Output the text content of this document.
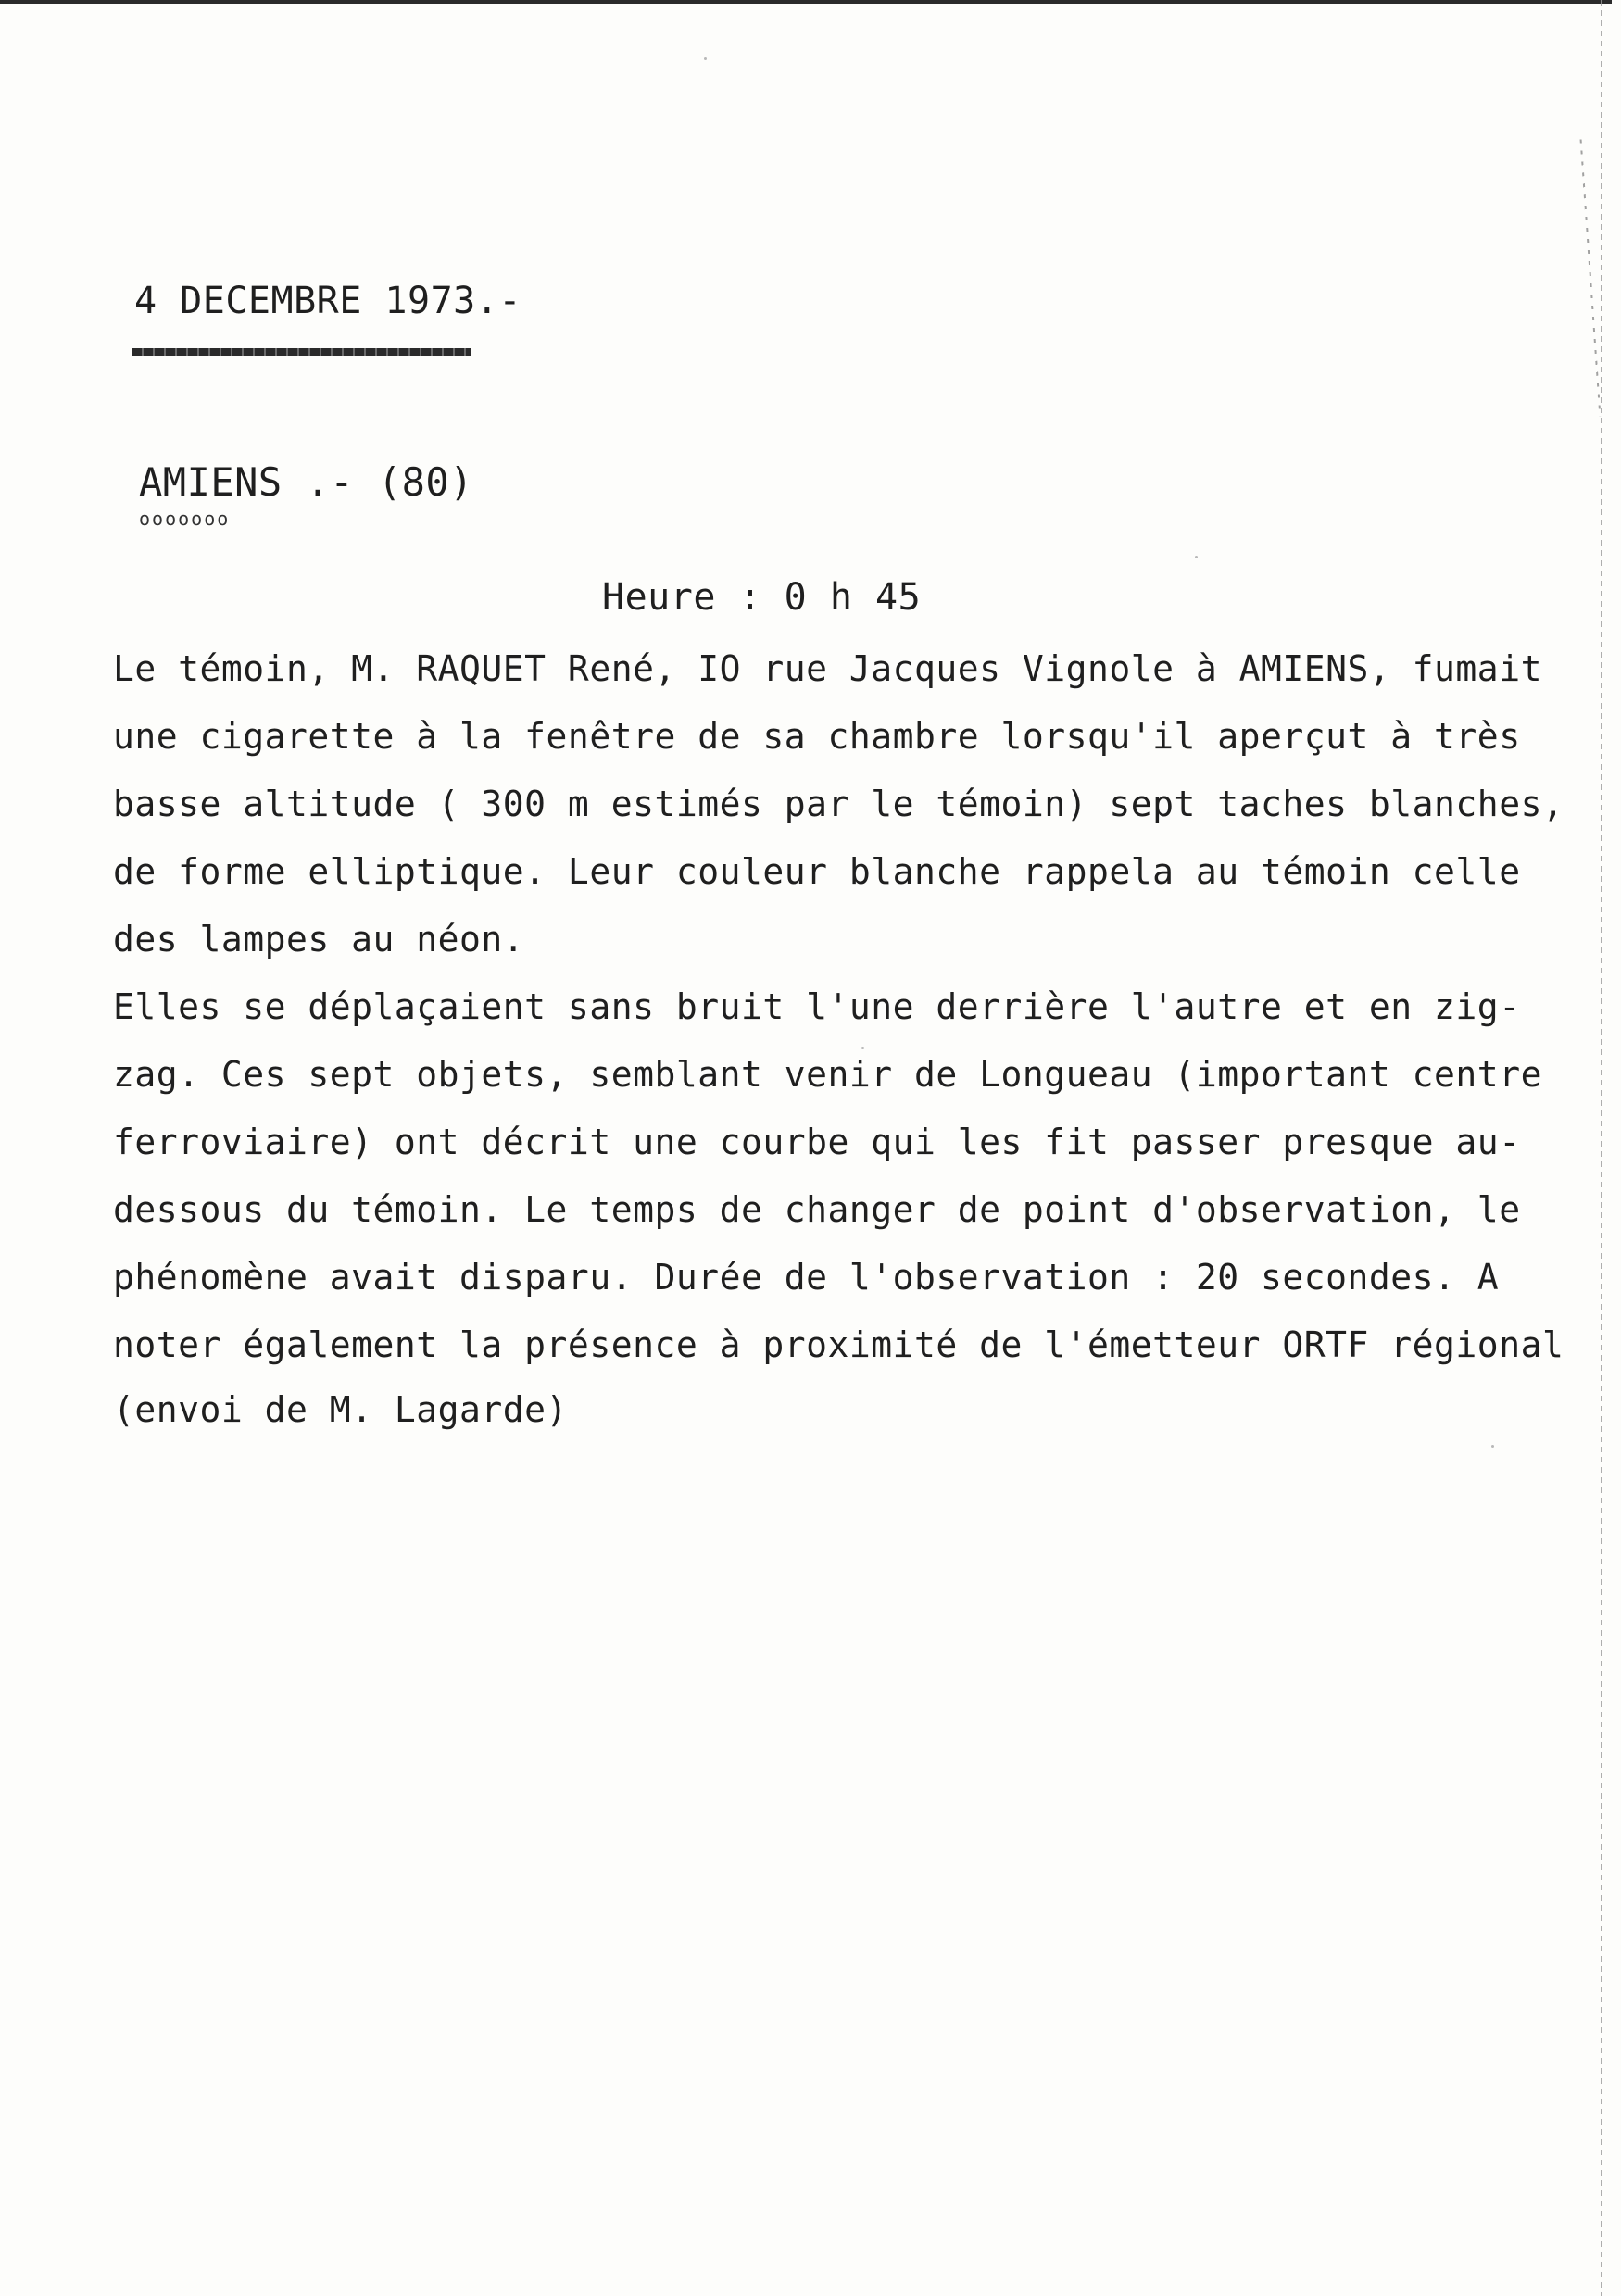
4 DECEMBRE 1973.-
AMIENS .- (80)
ooooooo
Heure : 0 h 45
Le témoin, M. RAQUET René, IO rue Jacques Vignole à AMIENS, fumait
une cigarette à la fenêtre de sa chambre lorsqu'il aperçut à très
basse altitude ( 300 m estimés par le témoin) sept taches blanches,
de forme elliptique. Leur couleur blanche rappela au témoin celle
des lampes au néon.
Elles se déplaçaient sans bruit l'une derrière l'autre et en zig-
zag. Ces sept objets, semblant venir de Longueau (important centre
ferroviaire) ont décrit une courbe qui les fit passer presque au-
dessous du témoin. Le temps de changer de point d'observation, le
phénomène avait disparu. Durée de l'observation : 20 secondes. A
noter également la présence à proximité de l'émetteur ORTF régional
(envoi de M. Lagarde)
